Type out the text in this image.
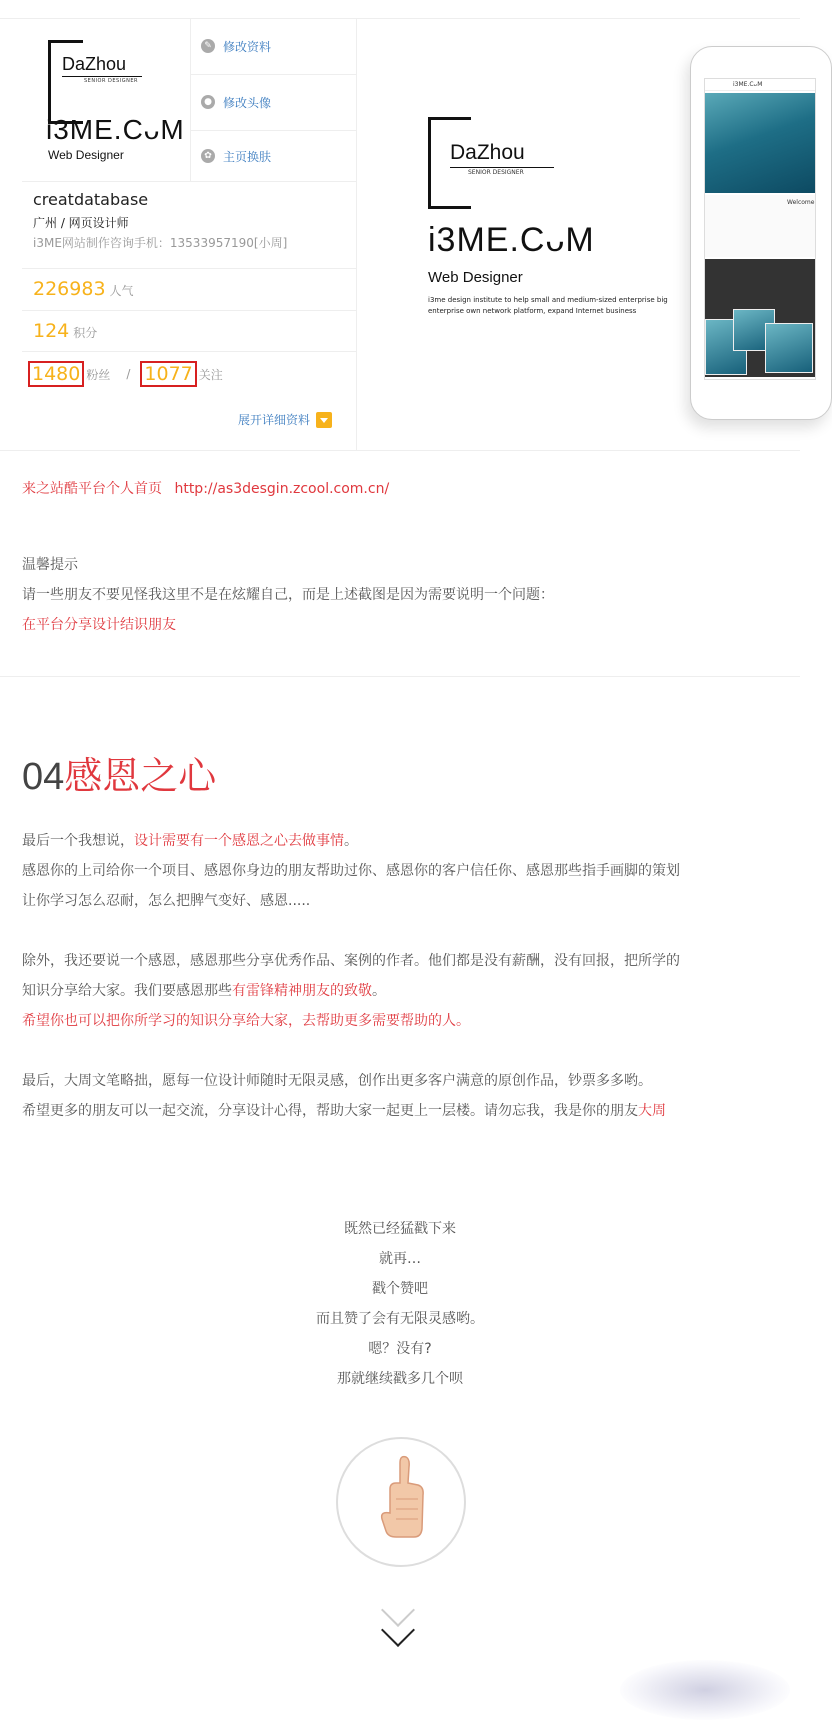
DaZhou
SENIOR DESIGNER
i3ME.CᴗM
Web Designer
✎ 修改资料
● 修改头像
✿ 主页换肤
creatdatabase
广州 / 网页设计师
i3ME网站制作咨询手机：13533957190[小周]
226983 人气
124 积分
1480 粉丝 / 1077 关注
展开详细资料
DaZhou
SENIOR DESIGNER
i3ME.CᴗM
Web Designer
i3me design institute to help small and medium-sized enterprise big enterprise own network platform, expand Internet business
i3ME.CᴗM
Welcome
来之站酷平台个人首页 http://as3desgin.zcool.com.cn/
温馨提示
请一些朋友不要见怪我这里不是在炫耀自己，而是上述截图是因为需要说明一个问题：
在平台分享设计结识朋友
04感恩之心
最后一个我想说，设计需要有一个感恩之心去做事情。
感恩你的上司给你一个项目、感恩你身边的朋友帮助过你、感恩你的客户信任你、感恩那些指手画脚的策划
让你学习怎么忍耐，怎么把脾气变好、感恩.....
除外，我还要说一个感恩，感恩那些分享优秀作品、案例的作者。他们都是没有薪酬，没有回报，把所学的
知识分享给大家。我们要感恩那些有雷锋精神朋友的致敬。
希望你也可以把你所学习的知识分享给大家，去帮助更多需要帮助的人。
最后，大周文笔略拙，愿每一位设计师随时无限灵感，创作出更多客户满意的原创作品，钞票多多哟。
希望更多的朋友可以一起交流，分享设计心得，帮助大家一起更上一层楼。请勿忘我，我是你的朋友大周
既然已经猛戳下来
就再…
戳个赞吧
而且赞了会有无限灵感哟。
嗯？没有?
那就继续戳多几个呗
